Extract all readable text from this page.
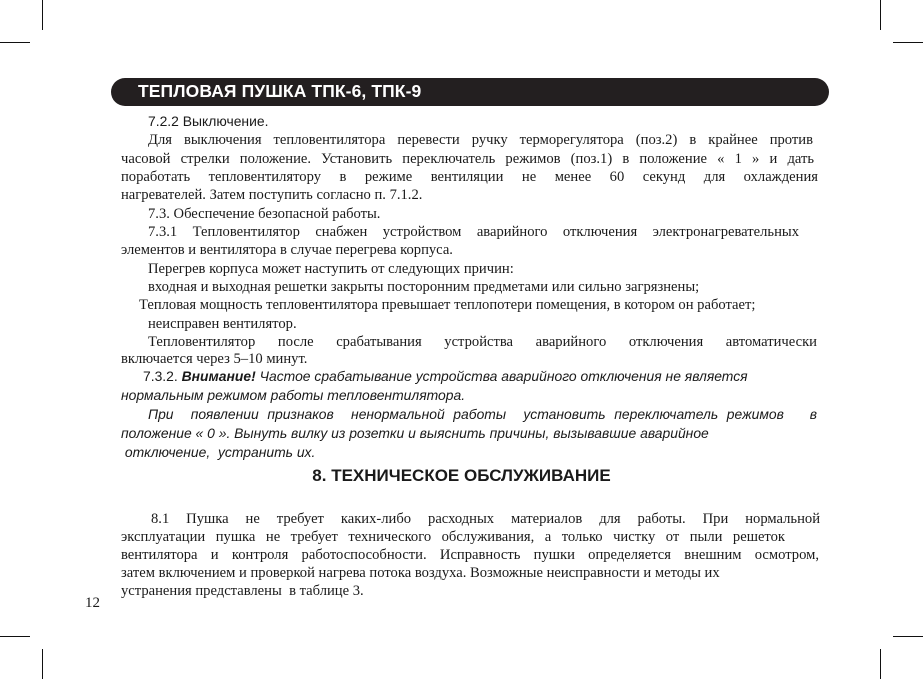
ТЕПЛОВАЯ ПУШКА ТПК-6, ТПК-9
7.2.2 Выключение.
Для выключения тепловентилятора перевести ручку терморегулятора (поз.2) в крайнее против
часовой стрелки положение. Установить переключатель режимов (поз.1) в положение « 1 » и дать
поработать тепловентилятору в режиме вентиляции не менее 60 секунд для охлаждения
нагревателей. Затем поступить согласно п. 7.1.2.
7.3. Обеспечение безопасной работы.
7.3.1 Тепловентилятор снабжен устройством аварийного отключения электронагревательных
элементов и вентилятора в случае перегрева корпуса.
Перегрев корпуса может наступить от следующих причин:
входная и выходная решетки закрыты посторонним предметами или сильно загрязнены;
Тепловая мощность тепловентилятора превышает теплопотери помещения, в котором он работает;
неисправен вентилятор.
Тепловентилятор после срабатывания устройства аварийного отключения автоматически
включается через 5–10 минут.
7.3.2. Внимание! Частое срабатывание устройства аварийного отключения не является
нормальным режимом работы тепловентилятора.
При  появлении признаков  ненормальной работы  установить переключатель режимов   в
положение « 0 ». Вынуть вилку из розетки и выяснить причины, вызывавшие аварийное
отключение,  устранить их.
8. ТЕХНИЧЕСКОЕ ОБСЛУЖИВАНИЕ
8.1 Пушка не требует каких-либо расходных материалов для работы. При нормальной
эксплуатации пушка не требует технического обслуживания, а только чистку от пыли решеток
вентилятора и контроля работоспособности. Исправность пушки определяется внешним осмотром,
затем включением и проверкой нагрева потока воздуха. Возможные неисправности и методы их
устранения представлены  в таблице 3.
12
